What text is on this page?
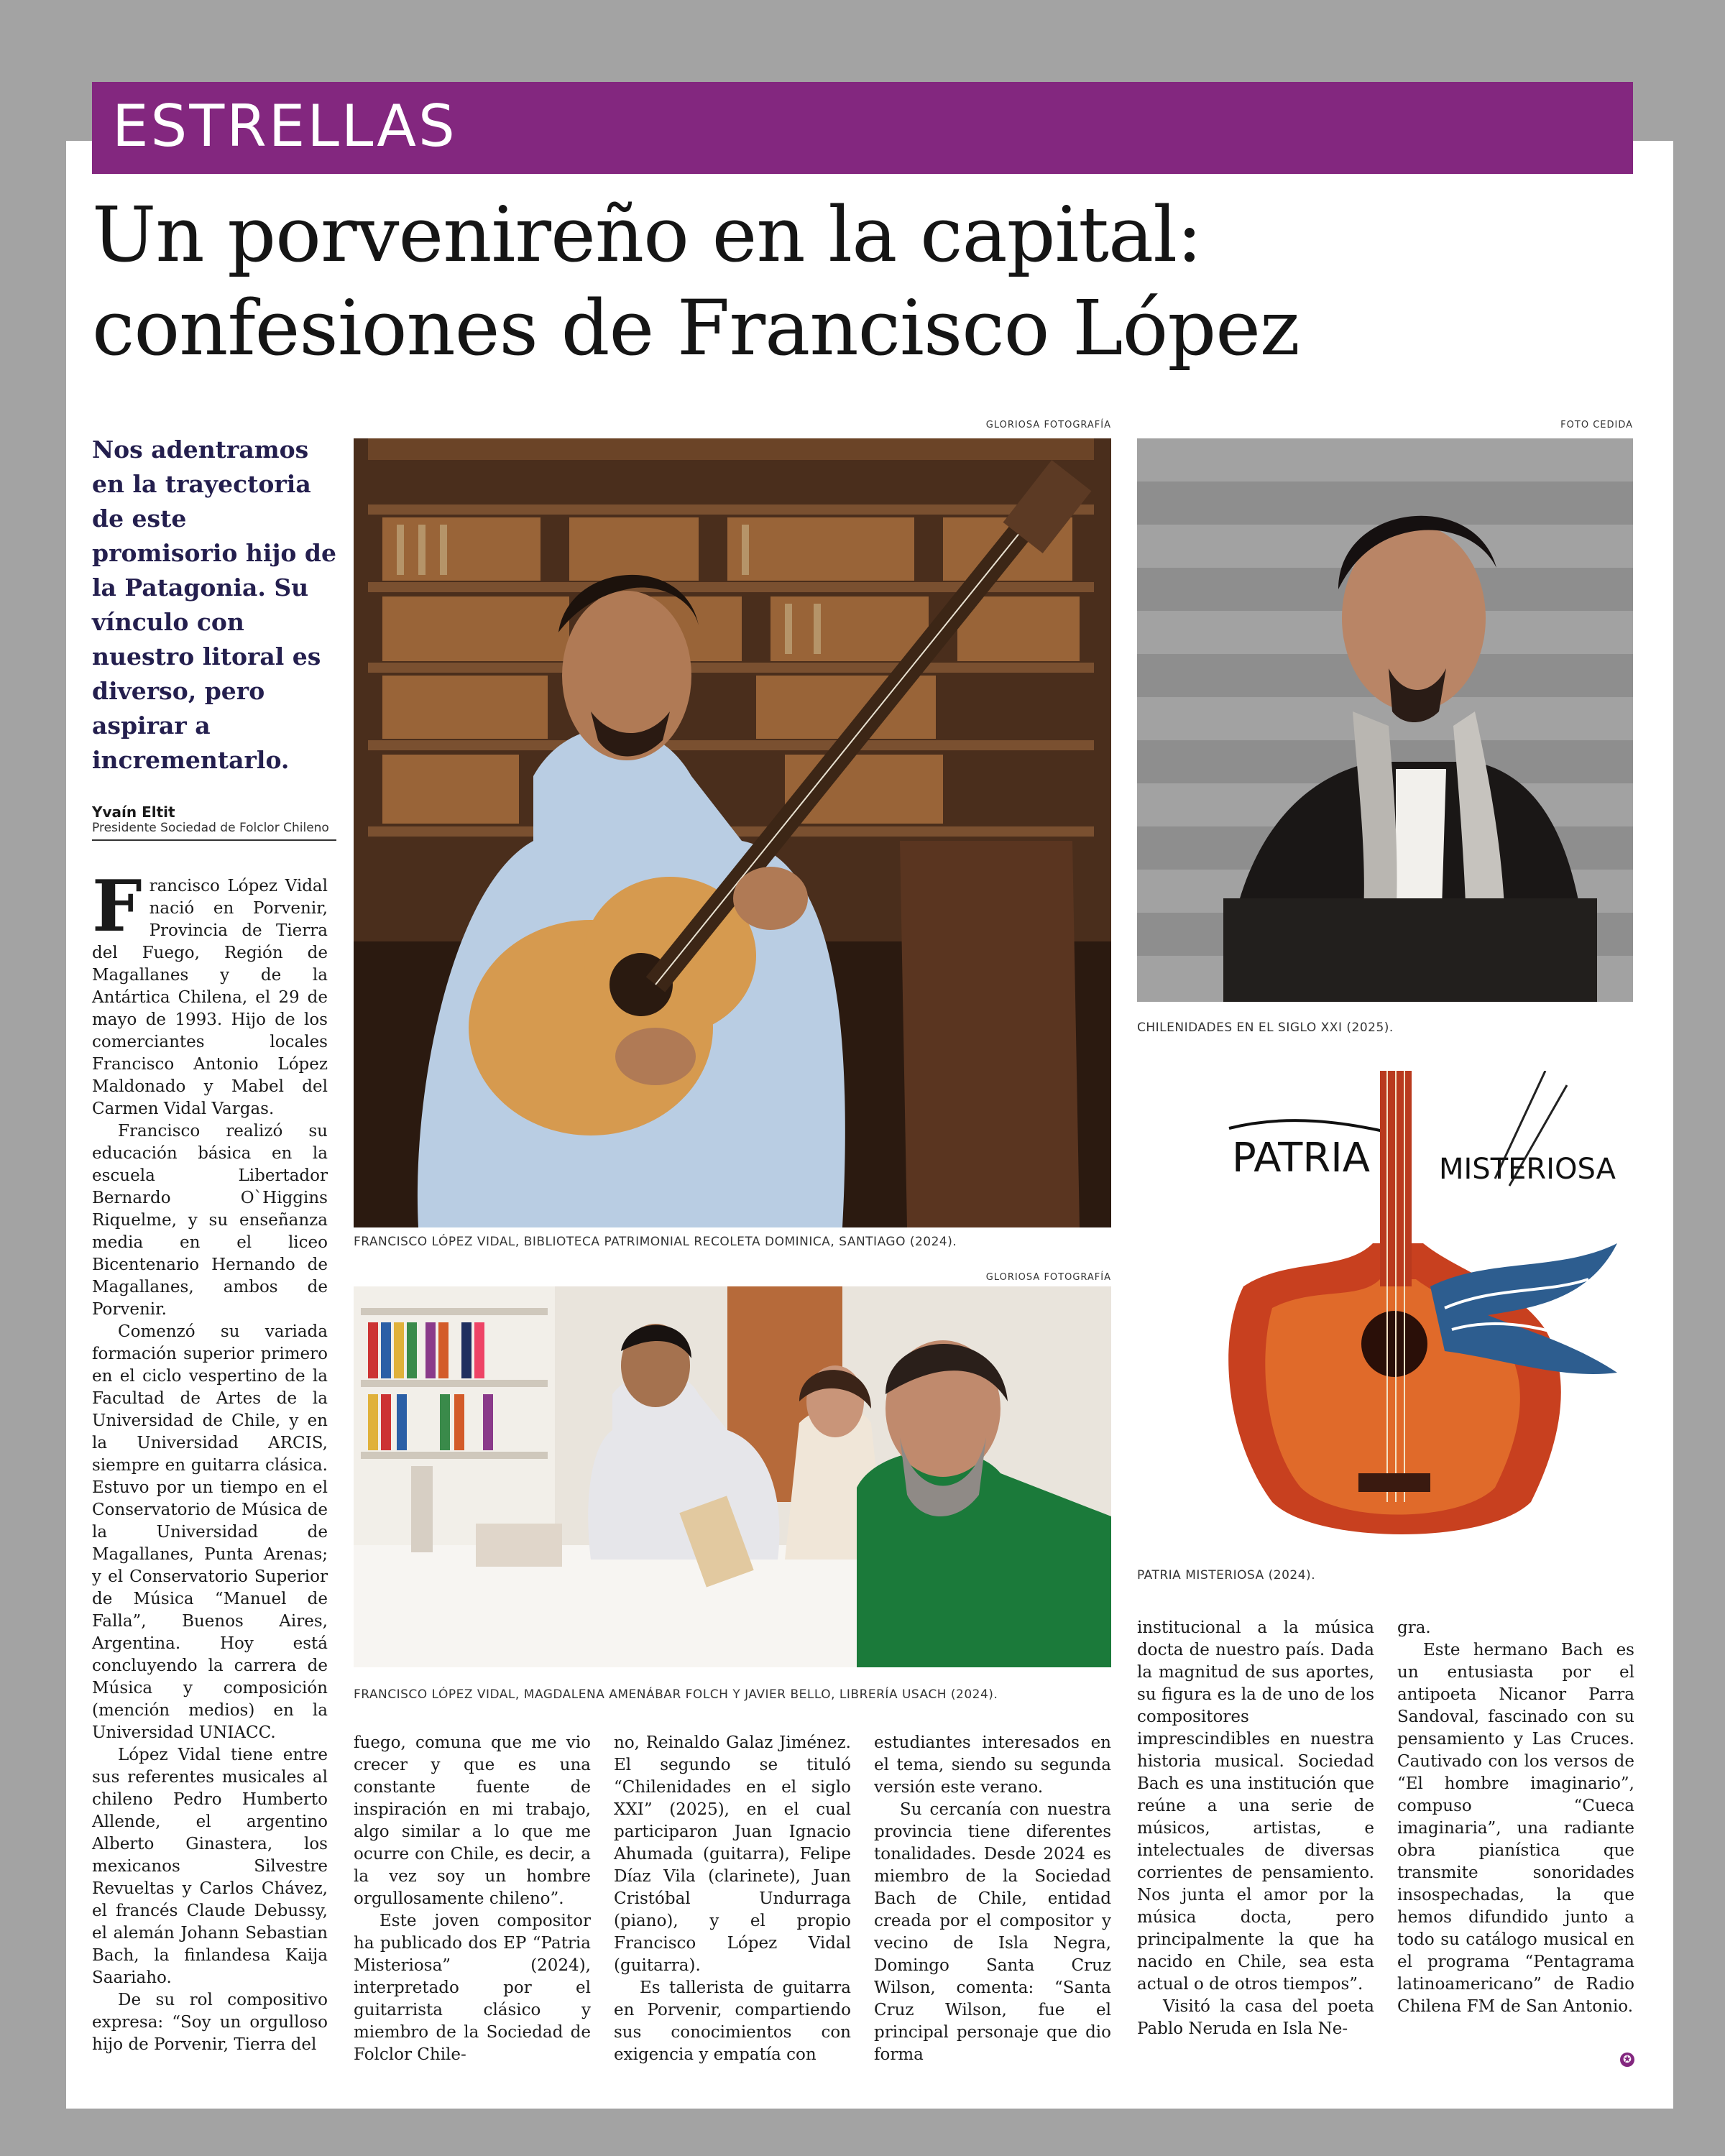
ESTRELLAS
Un porvenireño en la capital:
confesiones de Francisco López
Nos adentramos en la trayectoria de este promisorio hijo de la Patagonia. Su vínculo con nuestro litoral es diverso, pero aspirar a incrementarlo.
Yvaín Eltit
Presidente Sociedad de Folclor Chileno
GLORIOSA FOTOGRAFÍA
FRANCISCO LÓPEZ VIDAL, BIBLIOTECA PATRIMONIAL RECOLETA DOMINICA, SANTIAGO (2024).
FOTO CEDIDA
CHILENIDADES EN EL SIGLO XXI (2025).
GLORIOSA FOTOGRAFÍA
FRANCISCO LÓPEZ VIDAL, MAGDALENA AMENÁBAR FOLCH Y JAVIER BELLO, LIBRERÍA USACH (2024).
PATRIA MISTERIOSA
PATRIA MISTERIOSA (2024).

Francisco López Vidal nació en Porvenir, Provincia de Tierra del Fuego, Región de Magallanes y de la Antártica Chilena, el 29 de mayo de 1993. Hijo de los comerciantes locales Francisco Antonio López Maldonado y Mabel del Carmen Vidal Vargas.

Francisco realizó su educación básica en la escuela Libertador Bernardo O`Higgins Riquelme, y su enseñanza media en el liceo Bicentenario Hernando de Magallanes, ambos de Porvenir.

Comenzó su variada formación superior primero en el ciclo vespertino de la Facultad de Artes de la Universidad de Chile, y en la Universidad ARCIS, siempre en guitarra clásica. Estuvo por un tiempo en el Conservatorio de Música de la Universidad de Magallanes, Punta Arenas; y el Conservatorio Superior de Música “Manuel de Falla”, Buenos Aires, Argentina. Hoy está concluyendo la carrera de Música y composición (mención medios) en la Universidad UNIACC.

López Vidal tiene entre sus referentes musicales al chileno Pedro Humberto Allende, el argentino Alberto Ginastera, los mexicanos Silvestre Revueltas y Carlos Chávez, el francés Claude Debussy, el alemán Johann Sebastian Bach, la finlandesa Kaija Saariaho.

De su rol compositivo expresa: “Soy un orgulloso hijo de Porvenir, Tierra del

fuego, comuna que me vio crecer y que es una constante fuente de inspiración en mi trabajo, algo similar a lo que me ocurre con Chile, es decir, a la vez soy un hombre orgullosamente chileno”.

Este joven compositor ha publicado dos EP “Patria Misteriosa” (2024), interpretado por el guitarrista clásico y miembro de la Sociedad de Folclor Chile-

no, Reinaldo Galaz Jiménez. El segundo se tituló “Chilenidades en el siglo XXI” (2025), en el cual participaron Juan Ignacio Ahumada (guitarra), Felipe Díaz Vila (clarinete), Juan Cristóbal Undurraga (piano), y el propio Francisco López Vidal (guitarra).

Es tallerista de guitarra en Porvenir, compartiendo sus conocimientos con exigencia y empatía con

estudiantes interesados en el tema, siendo su segunda versión este verano.

Su cercanía con nuestra provincia tiene diferentes tonalidades. Desde 2024 es miembro de la Sociedad Bach de Chile, entidad creada por el compositor y vecino de Isla Negra, Domingo Santa Cruz Wilson, comenta: “Santa Cruz Wilson, fue el principal personaje que dio forma

institucional a la música docta de nuestro país. Dada la magnitud de sus aportes, su figura es la de uno de los compositores imprescindibles en nuestra historia musical. Sociedad Bach es una institución que reúne a una serie de músicos, artistas, e intelectuales de diversas corrientes de pensamiento. Nos junta el amor por la música docta, pero principalmente la que ha nacido en Chile, sea esta actual o de otros tiempos”.

Visitó la casa del poeta Pablo Neruda en Isla Ne-

gra.

Este hermano Bach es un entusiasta por el antipoeta Nicanor Parra Sandoval, fascinado con su pensamiento y Las Cruces. Cautivado con los versos de “El hombre imaginario”, compuso “Cueca imaginaria”, una radiante obra pianística que transmite sonoridades insospechadas, la que hemos difundido junto a todo su catálogo musical en el programa “Pentagrama latinoamericano” de Radio Chilena FM de San Antonio.

✪
